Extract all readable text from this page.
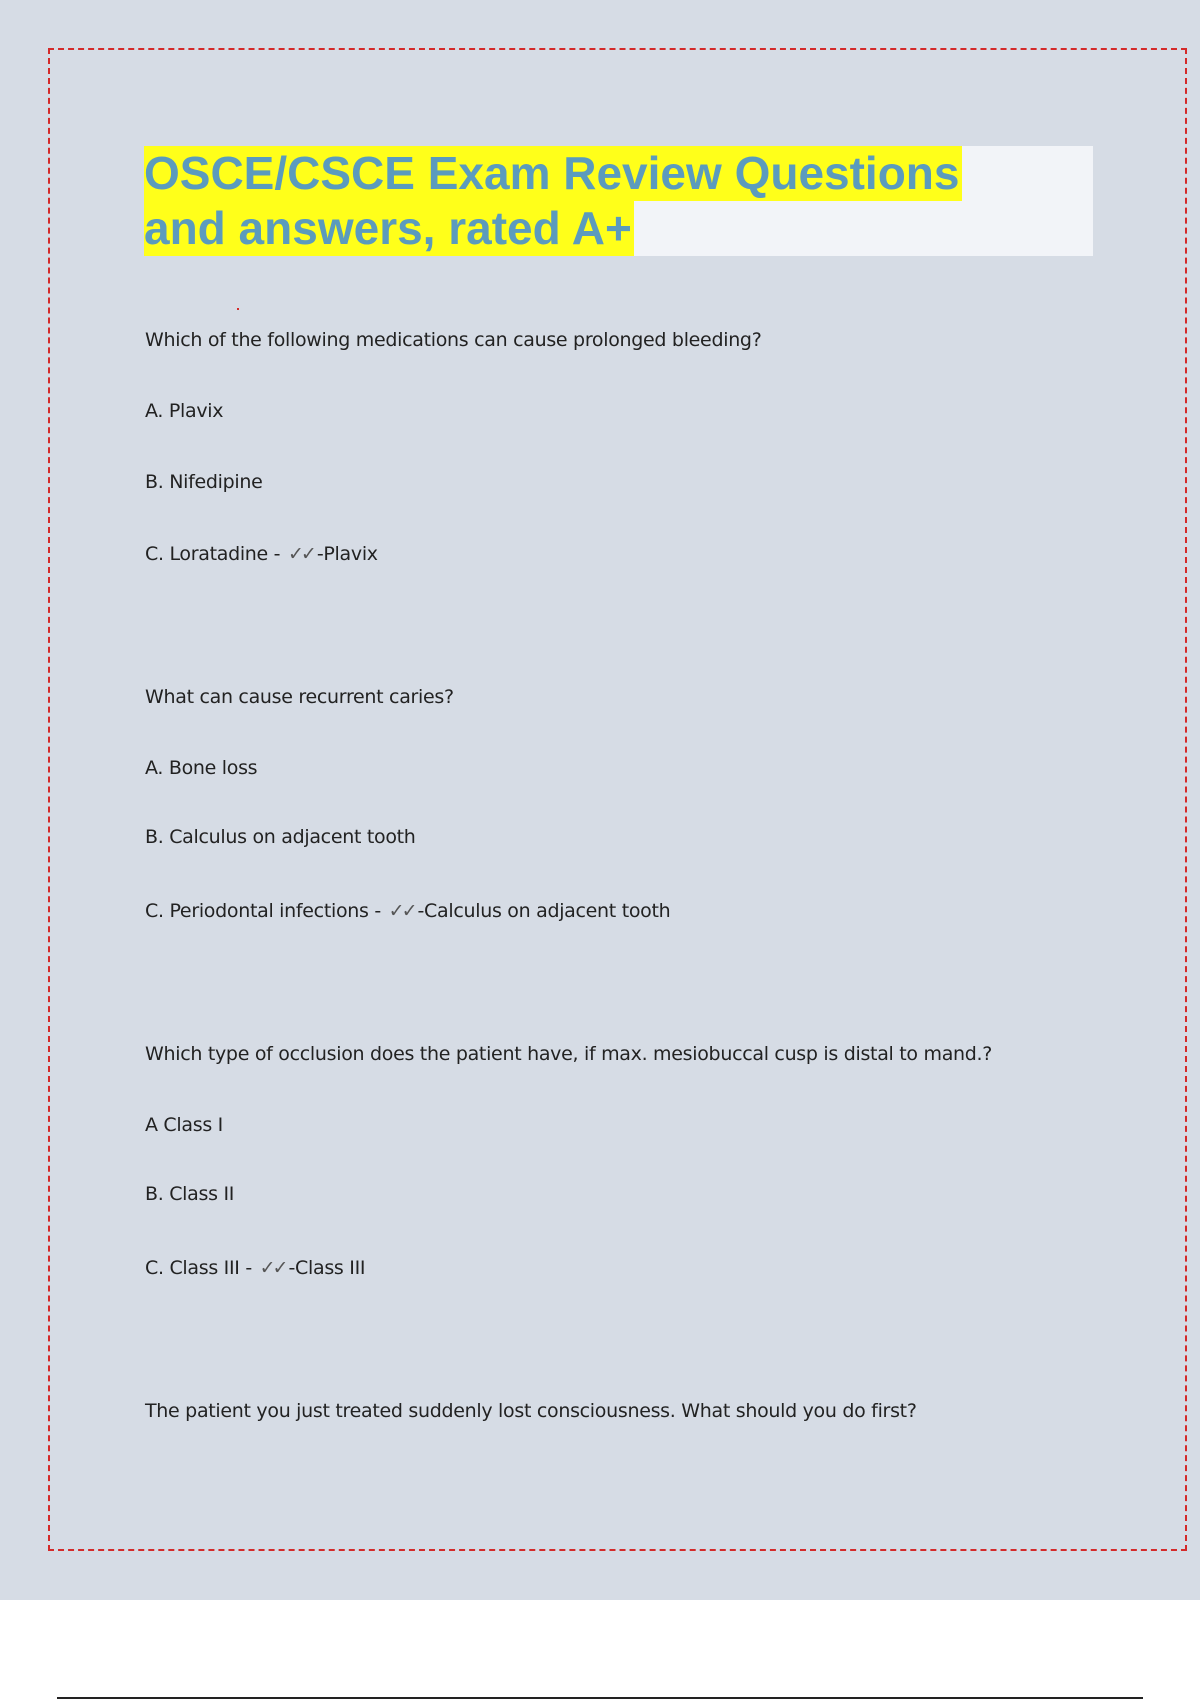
OSCE/CSCE Exam Review Questions
and answers, rated A+
Which of the following medications can cause prolonged bleeding?
A. Plavix
B. Nifedipine
C. Loratadine - ✓✓ -Plavix
What can cause recurrent caries?
A. Bone loss
B. Calculus on adjacent tooth
C. Periodontal infections - ✓✓ -Calculus on adjacent tooth
Which type of occlusion does the patient have, if max. mesiobuccal cusp is distal to mand.?
A Class I
B. Class II
C. Class III - ✓✓ -Class III
The patient you just treated suddenly lost consciousness. What should you do first?
